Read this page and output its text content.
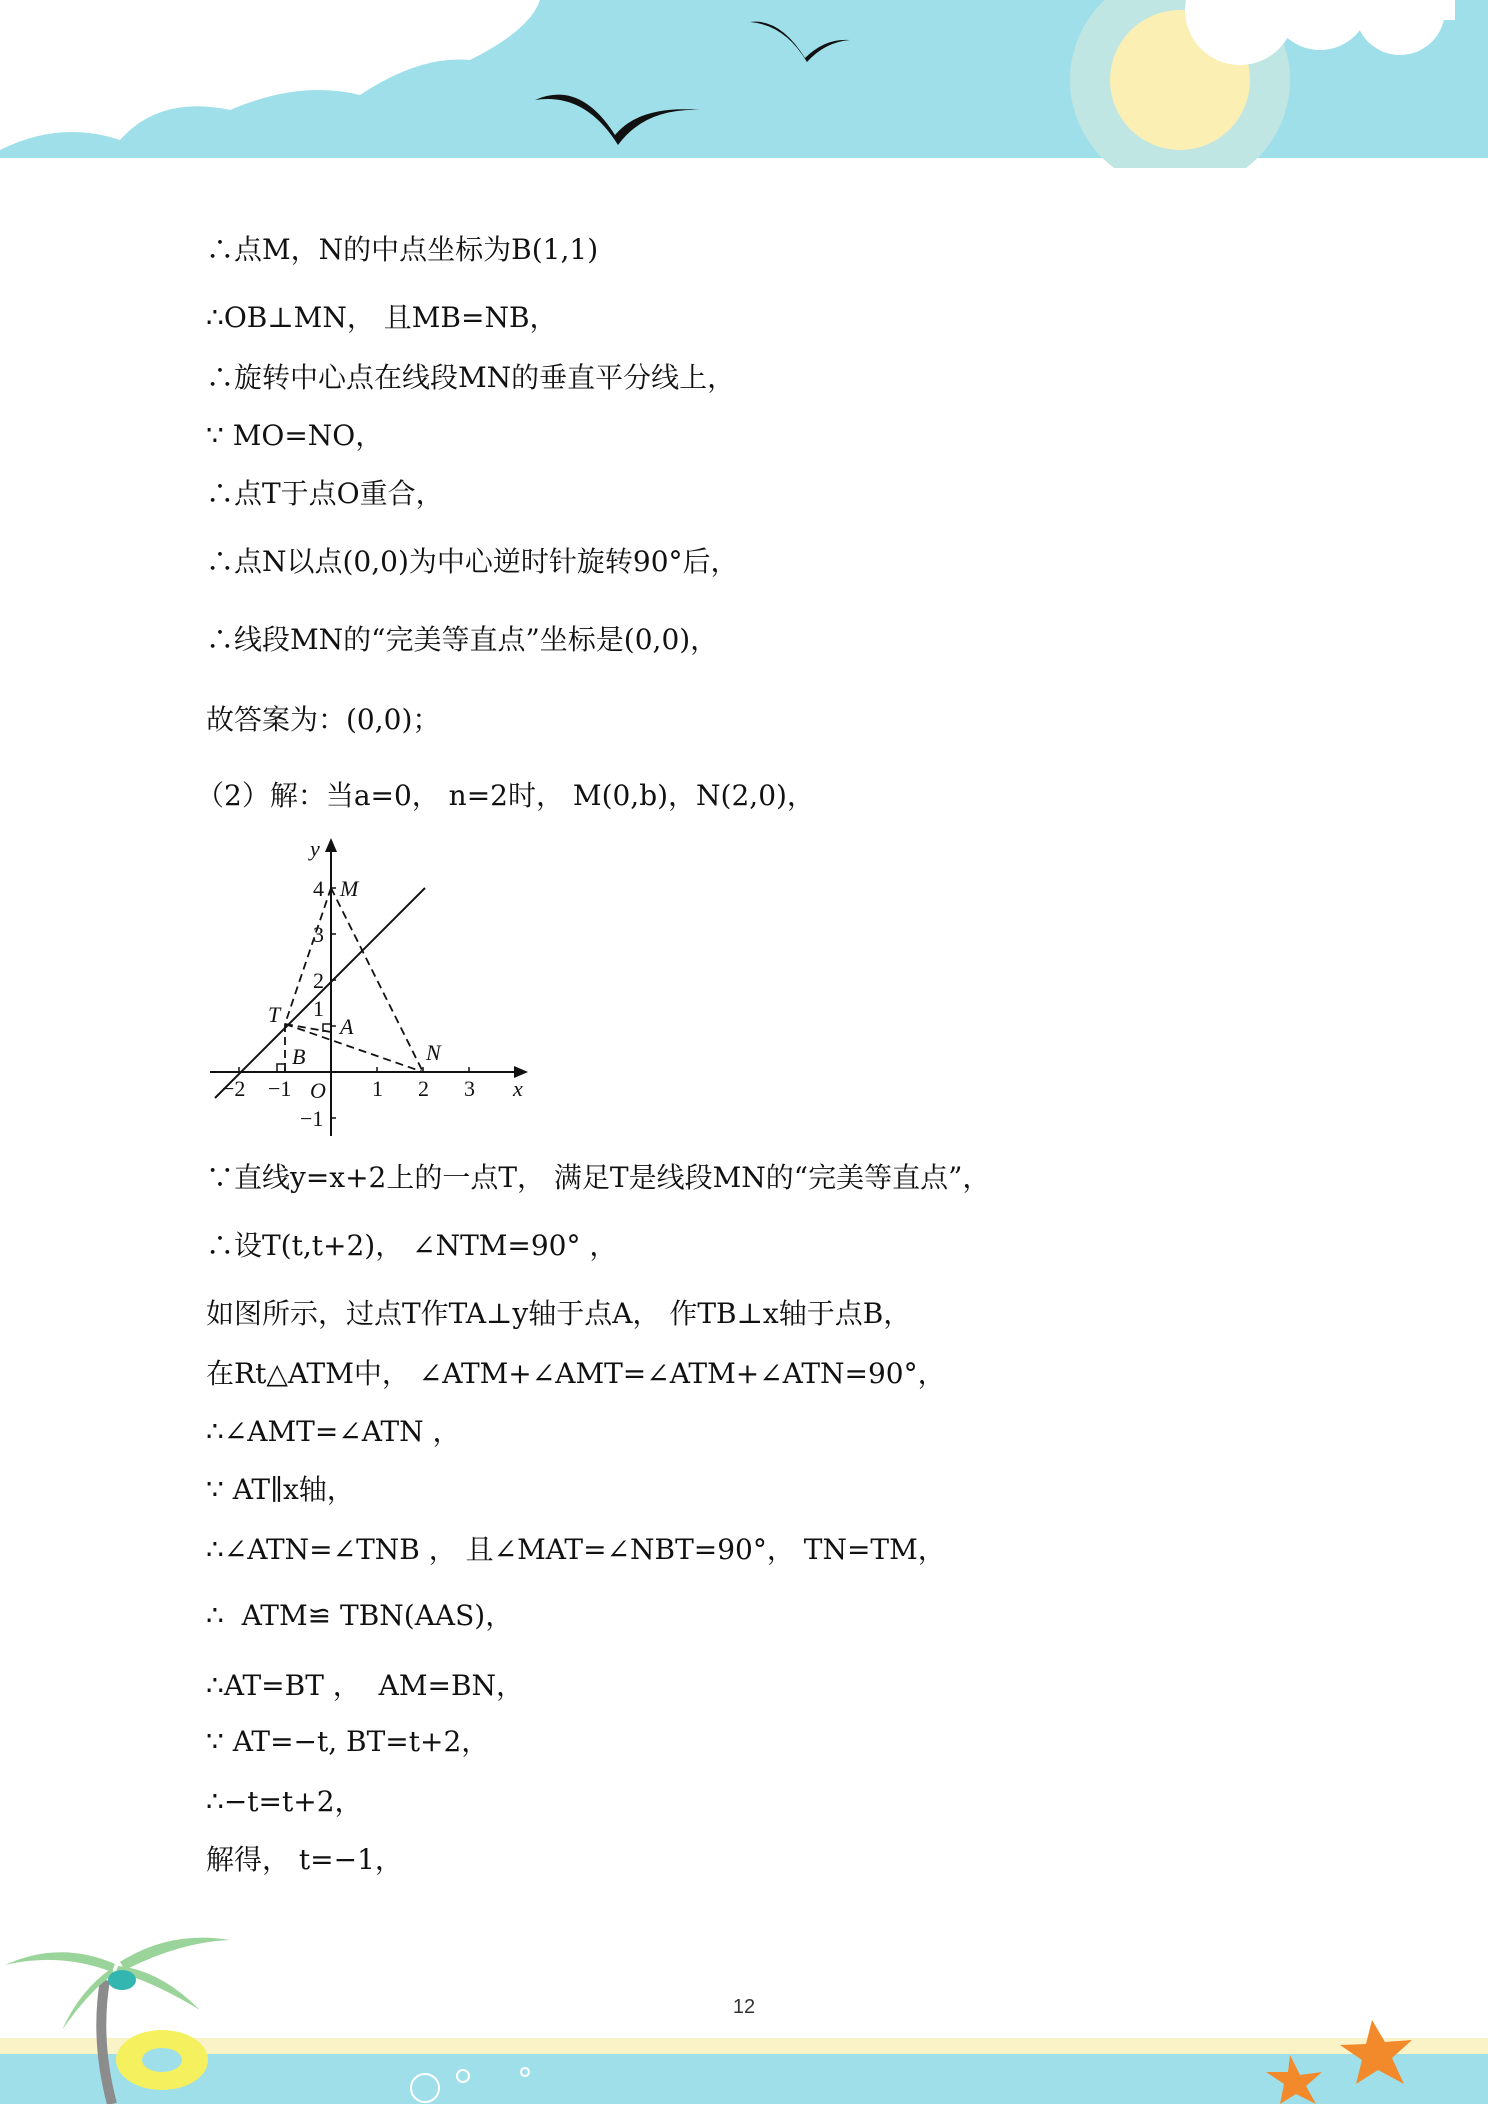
∴点M，N的中点坐标为B(1,1)
∴OB⊥MN， 且MB=NB，
∴旋转中心点在线段MN的垂直平分线上，
∵ MO=NO，
∴点T于点O重合，
∴点N以点(0,0)为中心逆时针旋转90°后，
∴线段MN的“完美等直点”坐标是(0,0)，
故答案为：(0,0)；
（2）解：当a=0， n=2时， M(0,b)，N(2,0)，
∵直线y=x+2上的一点T， 满足T是线段MN的“完美等直点”，
∴设T(t,t+2)， ∠NTM=90° ，
如图所示，过点T作TA⊥y轴于点A， 作TB⊥x轴于点B，
在Rt△ATM中， ∠ATM+∠AMT=∠ATM+∠ATN=90°，
∴∠AMT=∠ATN ，
∵ AT∥x轴，
∴∠ATN=∠TNB ， 且∠MAT=∠NBT=90°， TN=TM，
∴  ATM≌ TBN(AAS)，
∴AT=BT ，  AM=BN，
∵ AT=−t, BT=t+2，
∴−t=t+2，
解得， t=−1，
x
y
O
−2 −1	1 2 3
4
3
2
1
−1
M
N
T	A
B
12
